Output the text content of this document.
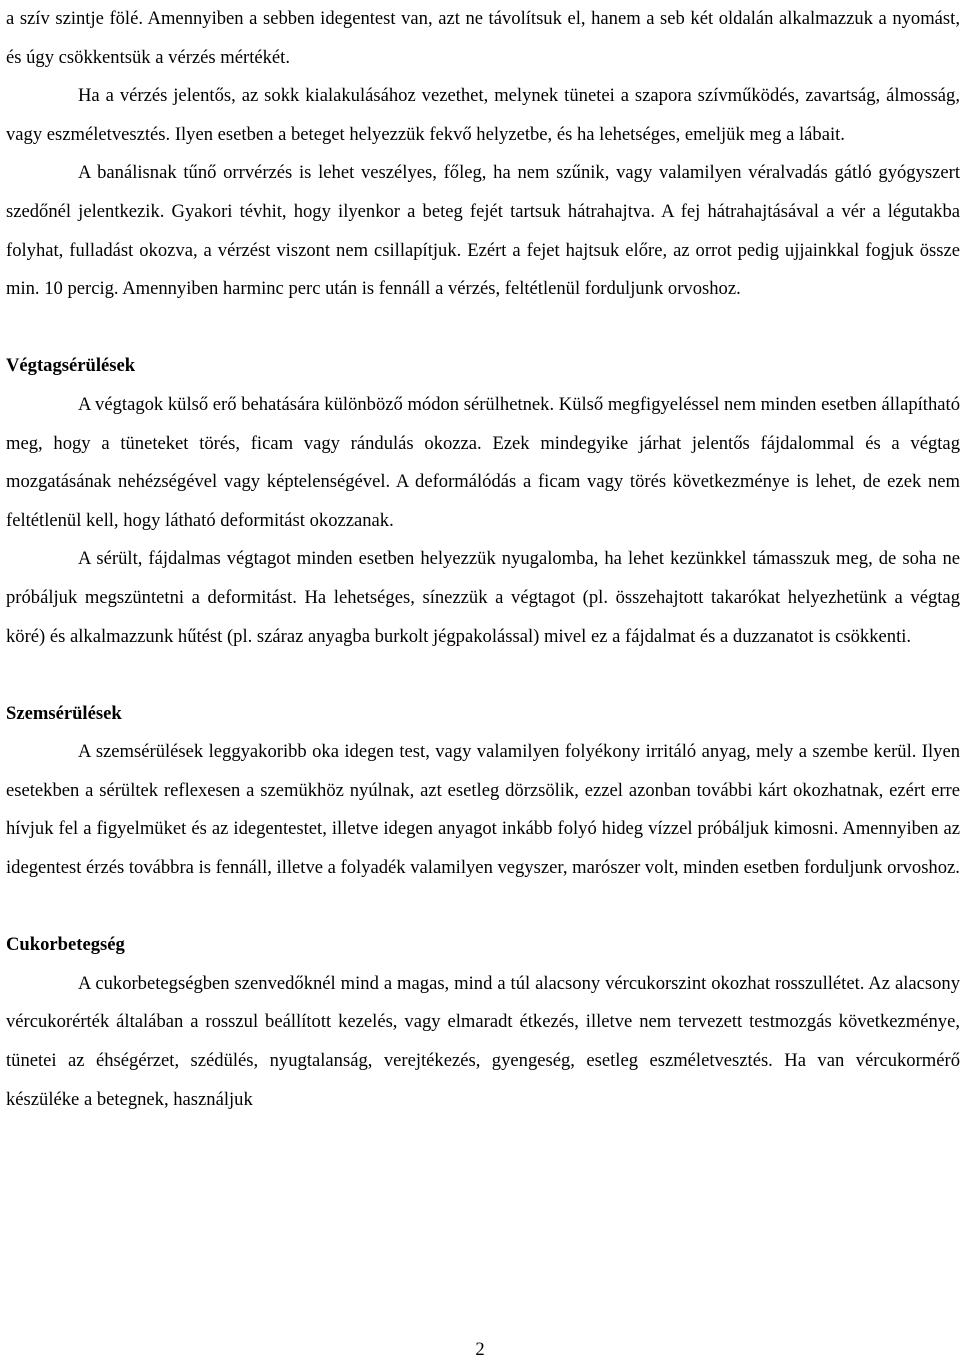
a szív szintje fölé. Amennyiben a sebben idegentest van, azt ne távolítsuk el, hanem a seb két oldalán alkalmazzuk a nyomást, és úgy csökkentsük a vérzés mértékét.

Ha a vérzés jelentős, az sokk kialakulásához vezethet, melynek tünetei a szapora szívműködés, zavartság, álmosság, vagy eszméletvesztés. Ilyen esetben a beteget helyezzük fekvő helyzetbe, és ha lehetséges, emeljük meg a lábait.

A banálisnak tűnő orrvérzés is lehet veszélyes, főleg, ha nem szűnik, vagy valamilyen véralvadás gátló gyógyszert szedőnél jelentkezik. Gyakori tévhit, hogy ilyenkor a beteg fejét tartsuk hátrahajtva. A fej hátrahajtásával a vér a légutakba folyhat, fulladást okozva, a vérzést viszont nem csillapítjuk. Ezért a fejet hajtsuk előre, az orrot pedig ujjainkkal fogjuk össze min. 10 percig. Amennyiben harminc perc után is fennáll a vérzés, feltétlenül forduljunk orvoshoz.

Végtagsérülések

A végtagok külső erő behatására különböző módon sérülhetnek. Külső megfigyeléssel nem minden esetben állapítható meg, hogy a tüneteket törés, ficam vagy rándulás okozza. Ezek mindegyike járhat jelentős fájdalommal és a végtag mozgatásának nehézségével vagy képtelenségével. A deformálódás a ficam vagy törés következménye is lehet, de ezek nem feltétlenül kell, hogy látható deformitást okozzanak.

A sérült, fájdalmas végtagot minden esetben helyezzük nyugalomba, ha lehet kezünkkel támasszuk meg, de soha ne próbáljuk megszüntetni a deformitást. Ha lehetséges, sínezzük a végtagot (pl. összehajtott takarókat helyezhetünk a végtag köré) és alkalmazzunk hűtést (pl. száraz anyagba burkolt jégpakolással) mivel ez a fájdalmat és a duzzanatot is csökkenti.

Szemsérülések

A szemsérülések leggyakoribb oka idegen test, vagy valamilyen folyékony irritáló anyag, mely a szembe kerül. Ilyen esetekben a sérültek reflexesen a szemükhöz nyúlnak, azt esetleg dörzsölik, ezzel azonban további kárt okozhatnak, ezért erre hívjuk fel a figyelmüket és az idegentestet, illetve idegen anyagot inkább folyó hideg vízzel próbáljuk kimosni. Amennyiben az idegentest érzés továbbra is fennáll, illetve a folyadék valamilyen vegyszer, marószer volt, minden esetben forduljunk orvoshoz.

Cukorbetegség

A cukorbetegségben szenvedőknél mind a magas, mind a túl alacsony vércukorszint okozhat rosszullétet. Az alacsony vércukorérték általában a rosszul beállított kezelés, vagy elmaradt étkezés, illetve nem tervezett testmozgás következménye, tünetei az éhségérzet, szédülés, nyugtalanság, verejtékezés, gyengeség, esetleg eszméletvesztés. Ha van vércukormérő készüléke a betegnek, használjuk

2
